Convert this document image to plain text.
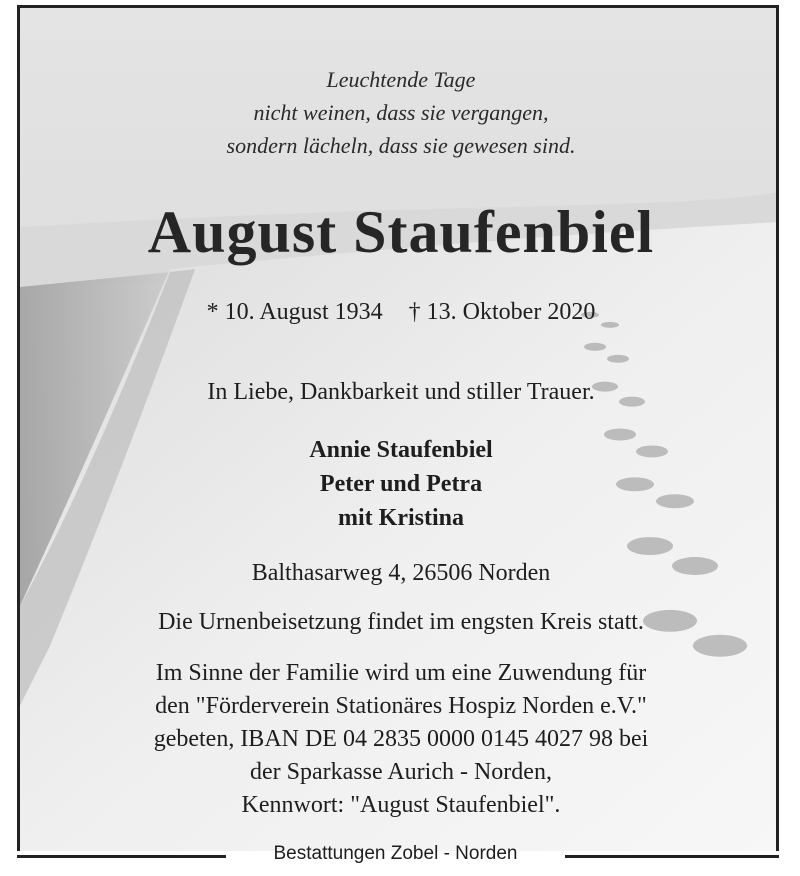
Leuchtende Tage
nicht weinen, dass sie vergangen,
sondern lächeln, dass sie gewesen sind.
August Staufenbiel
* 10. August 1934 † 13. Oktober 2020
In Liebe, Dankbarkeit und stiller Trauer.
Annie Staufenbiel
Peter und Petra
mit Kristina
Balthasarweg 4, 26506 Norden
Die Urnenbeisetzung findet im engsten Kreis statt.
Im Sinne der Familie wird um eine Zuwendung für
den "Förderverein Stationäres Hospiz Norden e.V."
gebeten, IBAN DE 04 2835 0000 0145 4027 98 bei
der Sparkasse Aurich - Norden,
Kennwort: "August Staufenbiel".
Bestattungen Zobel - Norden
